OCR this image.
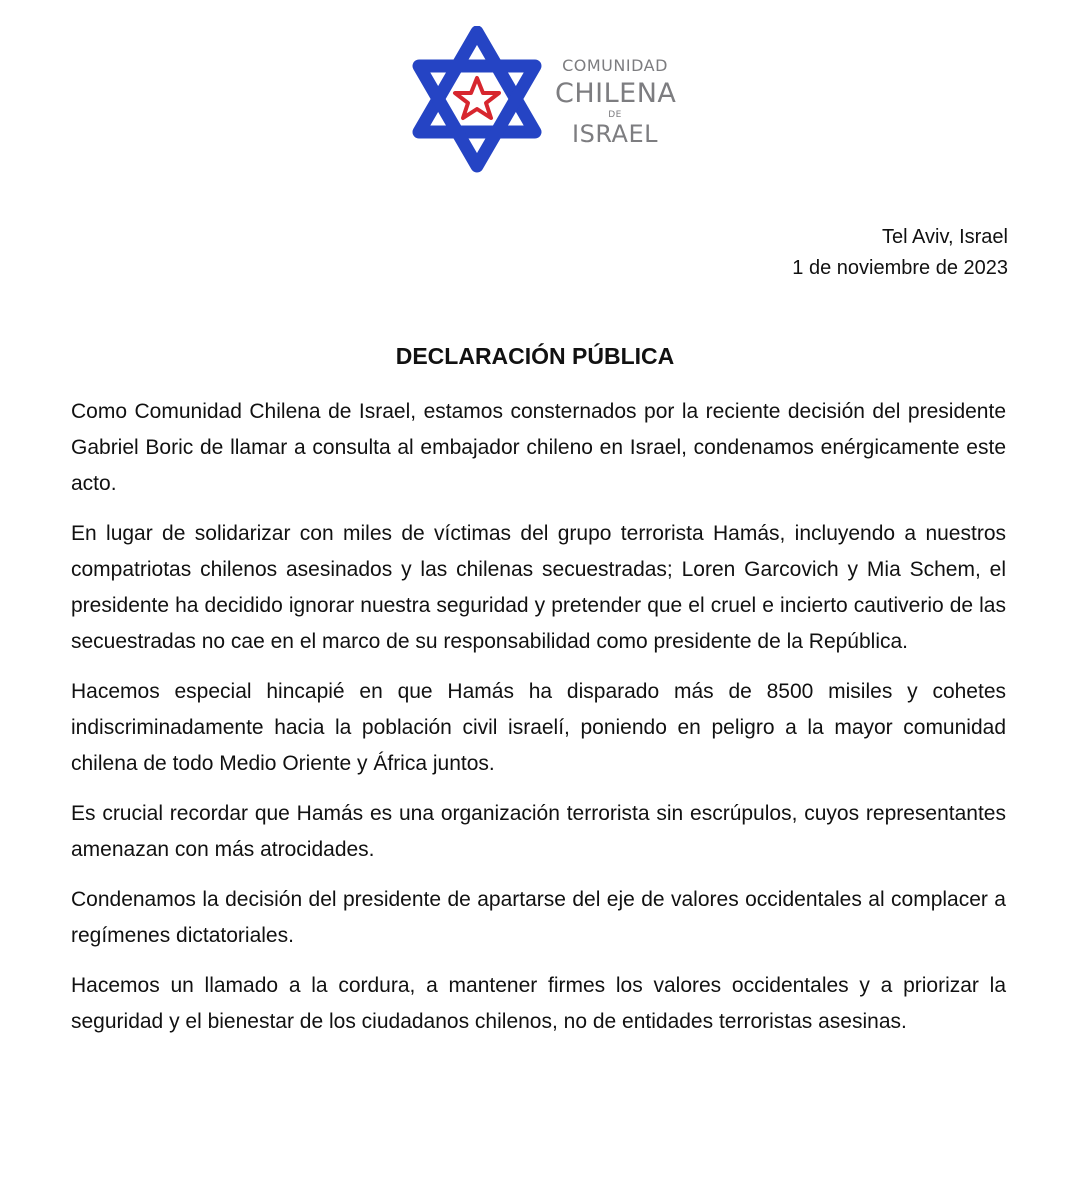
COMUNIDAD
CHILENA
DE
ISRAEL
Tel Aviv, Israel
1 de noviembre de 2023
DECLARACIÓN PÚBLICA

Como Comunidad Chilena de Israel, estamos consternados por la reciente decisión del presidente Gabriel Boric de llamar a consulta al embajador chileno en Israel, condenamos enérgicamente este acto.

En lugar de solidarizar con miles de víctimas del grupo terrorista Hamás, incluyendo a nuestros compatriotas chilenos asesinados y las chilenas secuestradas; Loren Garcovich y Mia Schem, el presidente ha decidido ignorar nuestra seguridad y pretender que el cruel e incierto cautiverio de las secuestradas no cae en el marco de su responsabilidad como presidente de la República.

Hacemos especial hincapié en que Hamás ha disparado más de 8500 misiles y cohetes indiscriminadamente hacia la población civil israelí, poniendo en peligro a la mayor comunidad chilena de todo Medio Oriente y África juntos.

Es crucial recordar que Hamás es una organización terrorista sin escrúpulos, cuyos representantes amenazan con más atrocidades.

Condenamos la decisión del presidente de apartarse del eje de valores occidentales al complacer a regímenes dictatoriales.

Hacemos un llamado a la cordura, a mantener firmes los valores occidentales y a priorizar la seguridad y el bienestar de los ciudadanos chilenos, no de entidades terroristas asesinas.
